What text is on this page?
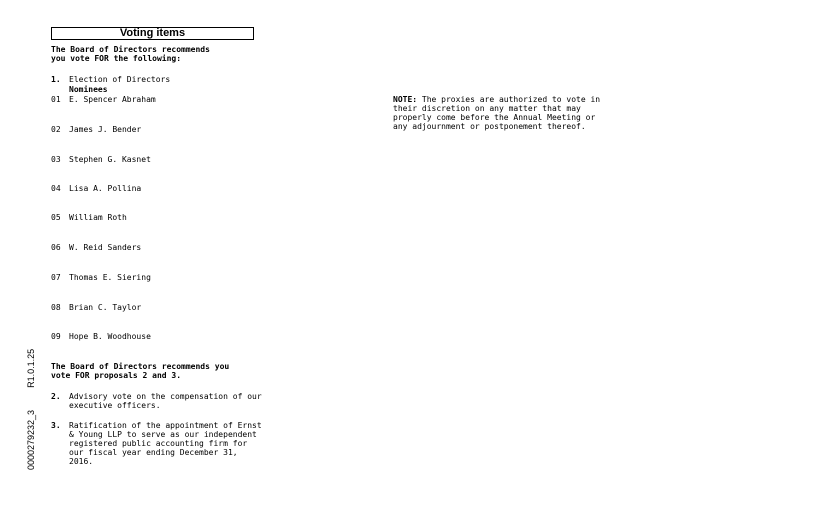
Voting items
The Board of Directors recommends
you vote FOR the following:
1.	Election of Directors
Nominees
01 E. Spencer Abraham
02 James J. Bender
03 Stephen G. Kasnet
04 Lisa A. Pollina
05 William Roth
06 W. Reid Sanders
07 Thomas E. Siering
08 Brian C. Taylor
09 Hope B. Woodhouse
The Board of Directors recommends you
vote FOR proposals 2 and 3.
2.	Advisory vote on the compensation of our
executive officers.
3.	Ratification of the appointment of Ernst
& Young LLP to serve as our independent
registered public accounting firm for
our fiscal year ending December 31,
2016.
NOTE: The proxies are authorized to vote in
their discretion on any matter that may
properly come before the Annual Meeting or
any adjournment or postponement thereof.
0000279232_3R1.0.1.25
